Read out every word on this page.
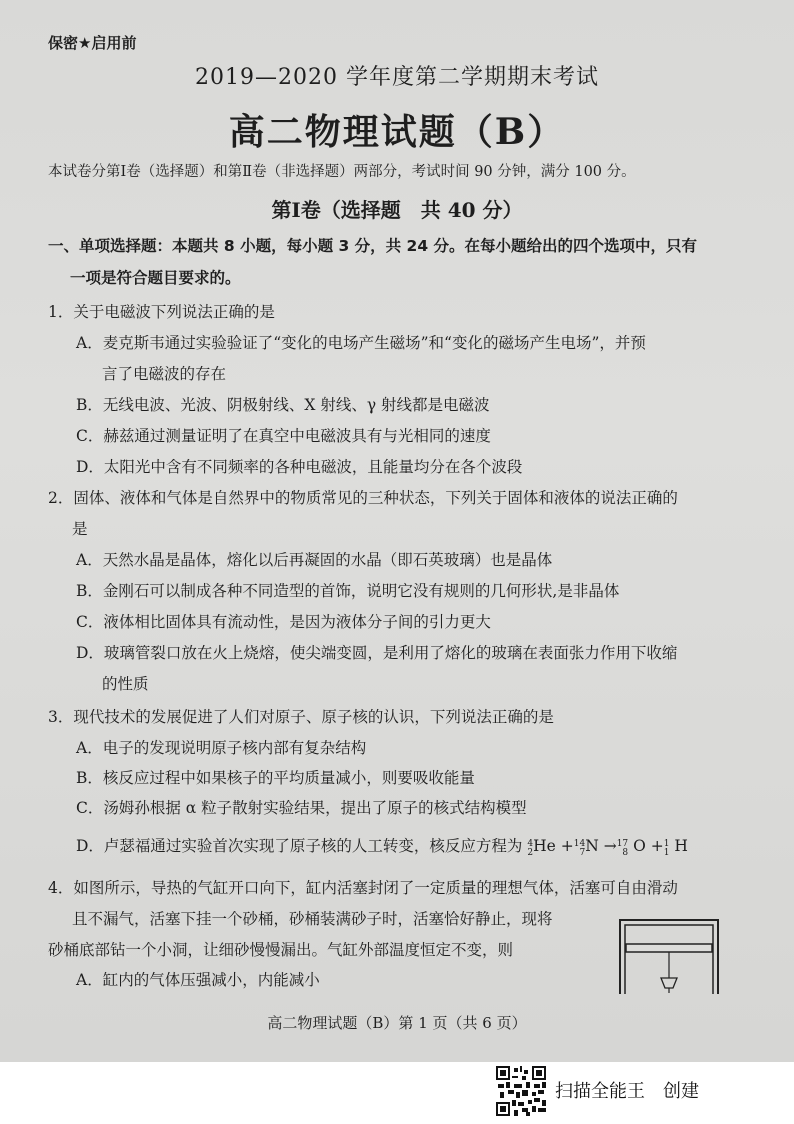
保密★启用前
2019—2020 学年度第二学期期末考试
高二物理试题（B）
本试卷分第Ⅰ卷（选择题）和第Ⅱ卷（非选择题）两部分，考试时间 90 分钟，满分 100 分。
第Ⅰ卷（选择题　共 40 分）
一、单项选择题：本题共 8 小题，每小题 3 分，共 24 分。在每小题给出的四个选项中，只有
一项是符合题目要求的。
1．关于电磁波下列说法正确的是
A．麦克斯韦通过实验验证了“变化的电场产生磁场”和“变化的磁场产生电场”，并预
言了电磁波的存在
B．无线电波、光波、阴极射线、X 射线、γ 射线都是电磁波
C．赫兹通过测量证明了在真空中电磁波具有与光相同的速度
D．太阳光中含有不同频率的各种电磁波，且能量均分在各个波段
2．固体、液体和气体是自然界中的物质常见的三种状态，下列关于固体和液体的说法正确的
是
A．天然水晶是晶体，熔化以后再凝固的水晶（即石英玻璃）也是晶体
B．金刚石可以制成各种不同造型的首饰，说明它没有规则的几何形状,是非晶体
C．液体相比固体具有流动性，是因为液体分子间的引力更大
D．玻璃管裂口放在火上烧熔，使尖端变圆，是利用了熔化的玻璃在表面张力作用下收缩
的性质
3．现代技术的发展促进了人们对原子、原子核的认识，下列说法正确的是
A．电子的发现说明原子核内部有复杂结构
B．核反应过程中如果核子的平均质量减小，则要吸收能量
C．汤姆孙根据 α 粒子散射实验结果，提出了原子的核式结构模型
D．卢瑟福通过实验首次实现了原子核的人工转变，核反应方程为 4
2 He + 14
7 N → 17
8 O + 1
1 H
4．如图所示，导热的气缸开口向下，缸内活塞封闭了一定质量的理想气体，活塞可自由滑动
且不漏气，活塞下挂一个砂桶，砂桶装满砂子时，活塞恰好静止，现将
砂桶底部钻一个小洞，让细砂慢慢漏出。气缸外部温度恒定不变，则
A．缸内的气体压强减小，内能减小
高二物理试题（B）第 1 页（共 6 页）
扫描全能王　创建
